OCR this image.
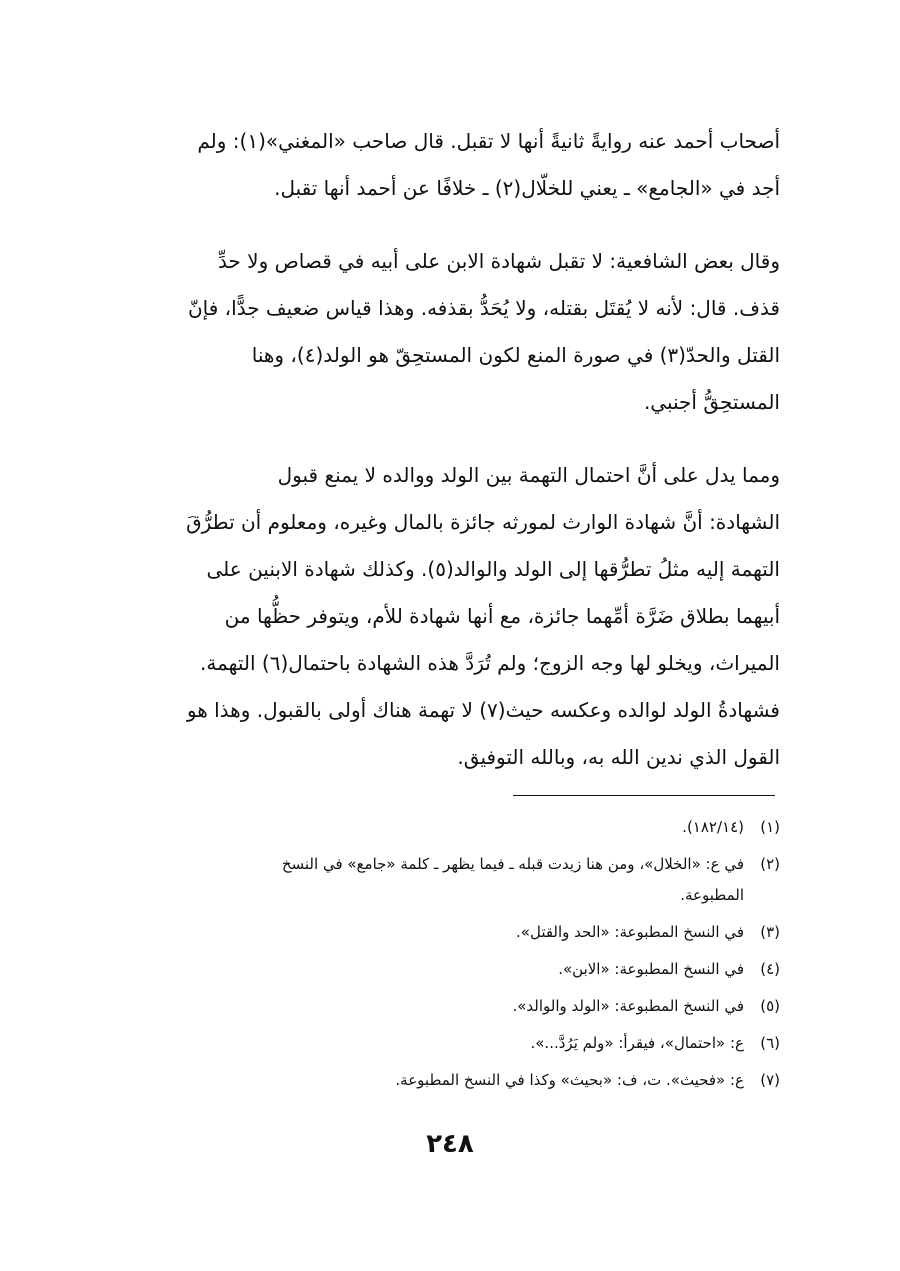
أصحاب أحمد عنه روايةً ثانيةً أنها لا تقبل. قال صاحب «المغني»(١): ولم
أجد في «الجامع» ـ يعني للخلّال(٢) ـ خلافًا عن أحمد أنها تقبل.
وقال بعض الشافعية: لا تقبل شهادة الابن على أبيه في قصاص ولا حدِّ
قذف. قال: لأنه لا يُقتَل بقتله، ولا يُحَدُّ بقذفه. وهذا قياس ضعيف جدًّا، فإنّ
القتل والحدّ(٣) في صورة المنع لكون المستحِقّ هو الولد(٤)، وهنا
المستحِقُّ أجنبي.
ومما يدل على أنَّ احتمال التهمة بين الولد ووالده لا يمنع قبول
الشهادة: أنَّ شهادة الوارث لمورثه جائزة بالمال وغيره، ومعلوم أن تطرُّقَ
التهمة إليه مثلُ تطرُّقها إلى الولد والوالد(٥). وكذلك شهادة الابنين على
أبيهما بطلاق ضَرَّة أمِّهما جائزة، مع أنها شهادة للأم، ويتوفر حظُّها من
الميراث، ويخلو لها وجه الزوج؛ ولم تُرَدَّ هذه الشهادة باحتمال(٦) التهمة.
فشهادةُ الولد لوالده وعكسه حيث(٧) لا تهمة هناك أولى بالقبول. وهذا هو
القول الذي ندين الله به، وبالله التوفيق.
(١)
(١٨٢/١٤).
(٢)
في ع: «الخلال»، ومن هنا زيدت قبله ـ فيما يظهر ـ كلمة «جامع» في النسخ
المطبوعة.
(٣)
في النسخ المطبوعة: «الحد والقتل».
(٤)
في النسخ المطبوعة: «الابن».
(٥)
في النسخ المطبوعة: «الولد والوالد».
(٦)
ع: «احتمال»، فيقرأ: «ولم يَرُدَّ...».
(٧)
ع: «فحيث». ت، ف: «بحيث» وكذا في النسخ المطبوعة.
٢٤٨
